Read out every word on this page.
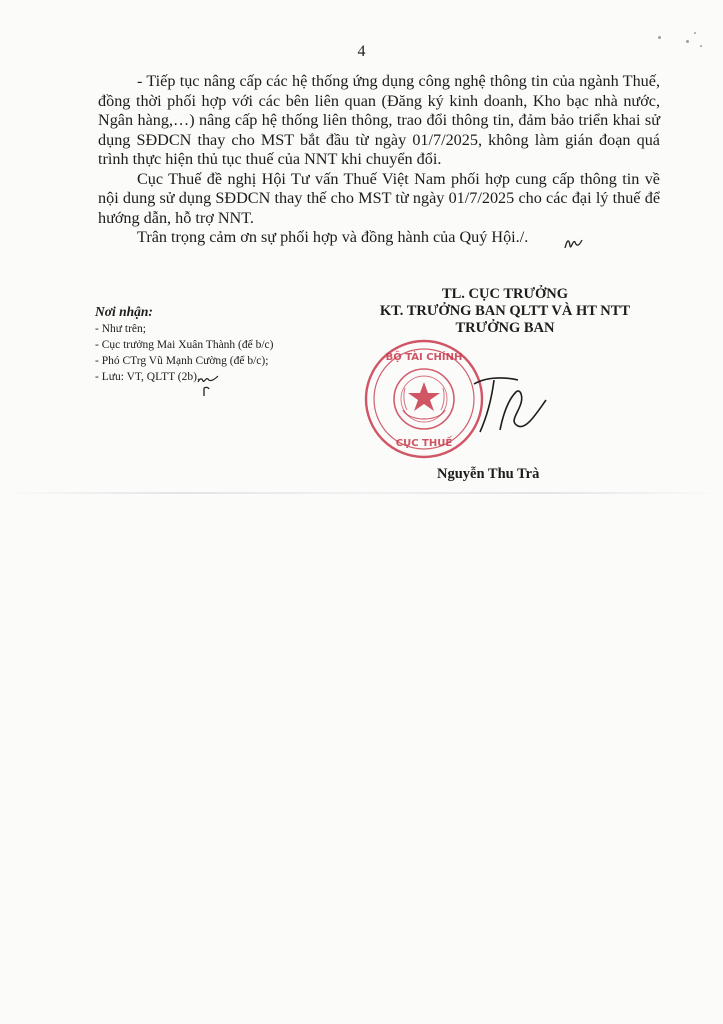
4

- Tiếp tục nâng cấp các hệ thống ứng dụng công nghệ thông tin của ngành Thuế, đồng thời phối hợp với các bên liên quan (Đăng ký kinh doanh, Kho bạc nhà nước, Ngân hàng,…) nâng cấp hệ thống liên thông, trao đổi thông tin, đảm bảo triển khai sử dụng SĐDCN thay cho MST bắt đầu từ ngày 01/7/2025, không làm gián đoạn quá trình thực hiện thủ tục thuế của NNT khi chuyển đổi.

Cục Thuế đề nghị Hội Tư vấn Thuế Việt Nam phối hợp cung cấp thông tin về nội dung sử dụng SĐDCN thay thế cho MST từ ngày 01/7/2025 cho các đại lý thuế để hướng dẫn, hỗ trợ NNT.

Trân trọng cảm ơn sự phối hợp và đồng hành của Quý Hội./.

Nơi nhận:
- Như trên;
- Cục trưởng Mai Xuân Thành (để b/c)
- Phó CTrg Vũ Mạnh Cường (để b/c);
- Lưu: VT, QLTT (2b).
TL. CỤC TRƯỞNG
KT. TRƯỞNG BAN QLTT VÀ HT NTT
TRƯỞNG BAN
BỘ TÀI CHÍNH
CỤC THUẾ
Nguyễn Thu Trà
